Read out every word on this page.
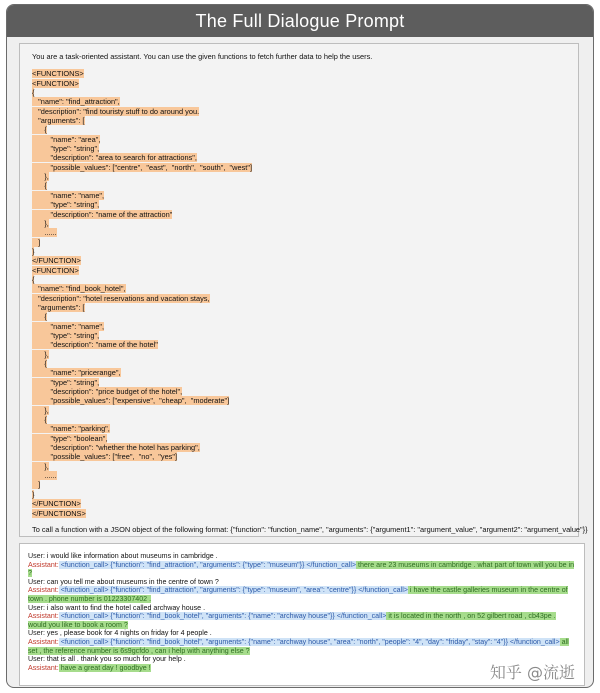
The Full Dialogue Prompt
You are a task-oriented assistant. You can use the given functions to fetch further data to help the users.
<FUNCTIONS>
<FUNCTION>
{
"name": "find_attraction",
"description": "find touristy stuff to do around you.
"arguments": [
{
"name": "area",
"type": "string",
"description": "area to search for attractions",
"possible_values": ["centre",  "east",  "north",  "south",  "west"]
},
{
"name": "name",
"type": "string",
"description": "name of the attraction"
},
......
]
}
</FUNCTION>
<FUNCTION>
{
"name": "find_book_hotel",
"description": "hotel reservations and vacation stays,
"arguments": [
{
"name": "name",
"type": "string",
"description": "name of the hotel"
},
{
"name": "pricerange",
"type": "string",
"description": "price budget of the hotel",
"possible_values": ["expensive",  "cheap",  "moderate"]
},
{
"name": "parking",
"type": "boolean",
"description": "whether the hotel has parking",
"possible_values": ["free",  "no",  "yes"]
},
......
]
}
</FUNCTION>
</FUNCTIONS>
To call a function with a JSON object of the following format: {"function": "function_name", "arguments": {"argument1": "argument_value", "argument2": "argument_value"}}
User: i would like information about museums in cambridge .
Assistant: <function_call> {"function": "find_attraction", "arguments": {"type": "museum"}} </function_call> there are 23 museums in cambridge . what part of town will you be in ?
User: can you tell me about museums in the centre of town ?
Assistant: <function_call> {"function": "find_attraction", "arguments": {"type": "museum", "area": "centre"}} </function_call> i have the castle galleries museum in the centre of town . phone number is 01223307402 .
User: i also want to find the hotel called archway house .
Assistant: <function_call> {"function": "find_book_hotel", "arguments": {"name": "archway house"}} </function_call> it is located in the north , on 52 gilbert road , cb43pe . would you like to book a room ?
User: yes , please book for 4 nights on friday for 4 people .
Assistant: <function_call> {"function": "find_book_hotel", "arguments": {"name": "archway house", "area": "north", "people": "4", "day": "friday", "stay": "4"}} </function_call> all set , the reference number is 6s9gcfdo , can i help with anything else ?
User: that is all . thank you so much for your help .
Assistant: have a great day ! goodbye !	知乎 @流逝
